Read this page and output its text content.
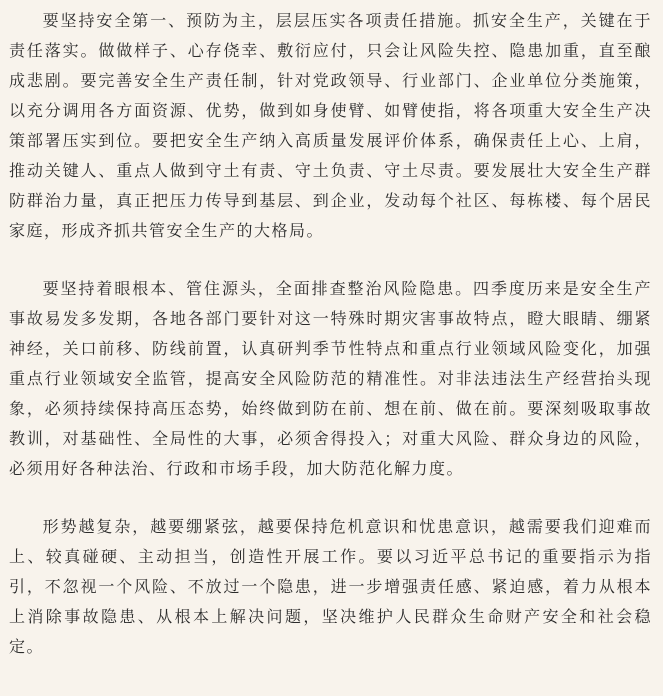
要坚持安全第一、预防为主，层层压实各项责任措施。抓安全生产，关键在于责任落实。做做样子、心存侥幸、敷衍应付，只会让风险失控、隐患加重，直至酿成悲剧。要完善安全生产责任制，针对党政领导、行业部门、企业单位分类施策，以充分调用各方面资源、优势，做到如身使臂、如臂使指，将各项重大安全生产决策部署压实到位。要把安全生产纳入高质量发展评价体系，确保责任上心、上肩，推动关键人、重点人做到守土有责、守土负责、守土尽责。要发展壮大安全生产群防群治力量，真正把压力传导到基层、到企业，发动每个社区、每栋楼、每个居民家庭，形成齐抓共管安全生产的大格局。

要坚持着眼根本、管住源头，全面排查整治风险隐患。四季度历来是安全生产事故易发多发期，各地各部门要针对这一特殊时期灾害事故特点，瞪大眼睛、绷紧神经，关口前移、防线前置，认真研判季节性特点和重点行业领域风险变化，加强重点行业领域安全监管，提高安全风险防范的精准性。对非法违法生产经营抬头现象，必须持续保持高压态势，始终做到防在前、想在前、做在前。要深刻吸取事故教训，对基础性、全局性的大事，必须舍得投入；对重大风险、群众身边的风险，必须用好各种法治、行政和市场手段，加大防范化解力度。

形势越复杂，越要绷紧弦，越要保持危机意识和忧患意识，越需要我们迎难而上、较真碰硬、主动担当，创造性开展工作。要以习近平总书记的重要指示为指引，不忽视一个风险、不放过一个隐患，进一步增强责任感、紧迫感，着力从根本上消除事故隐患、从根本上解决问题，坚决维护人民群众生命财产安全和社会稳定。
